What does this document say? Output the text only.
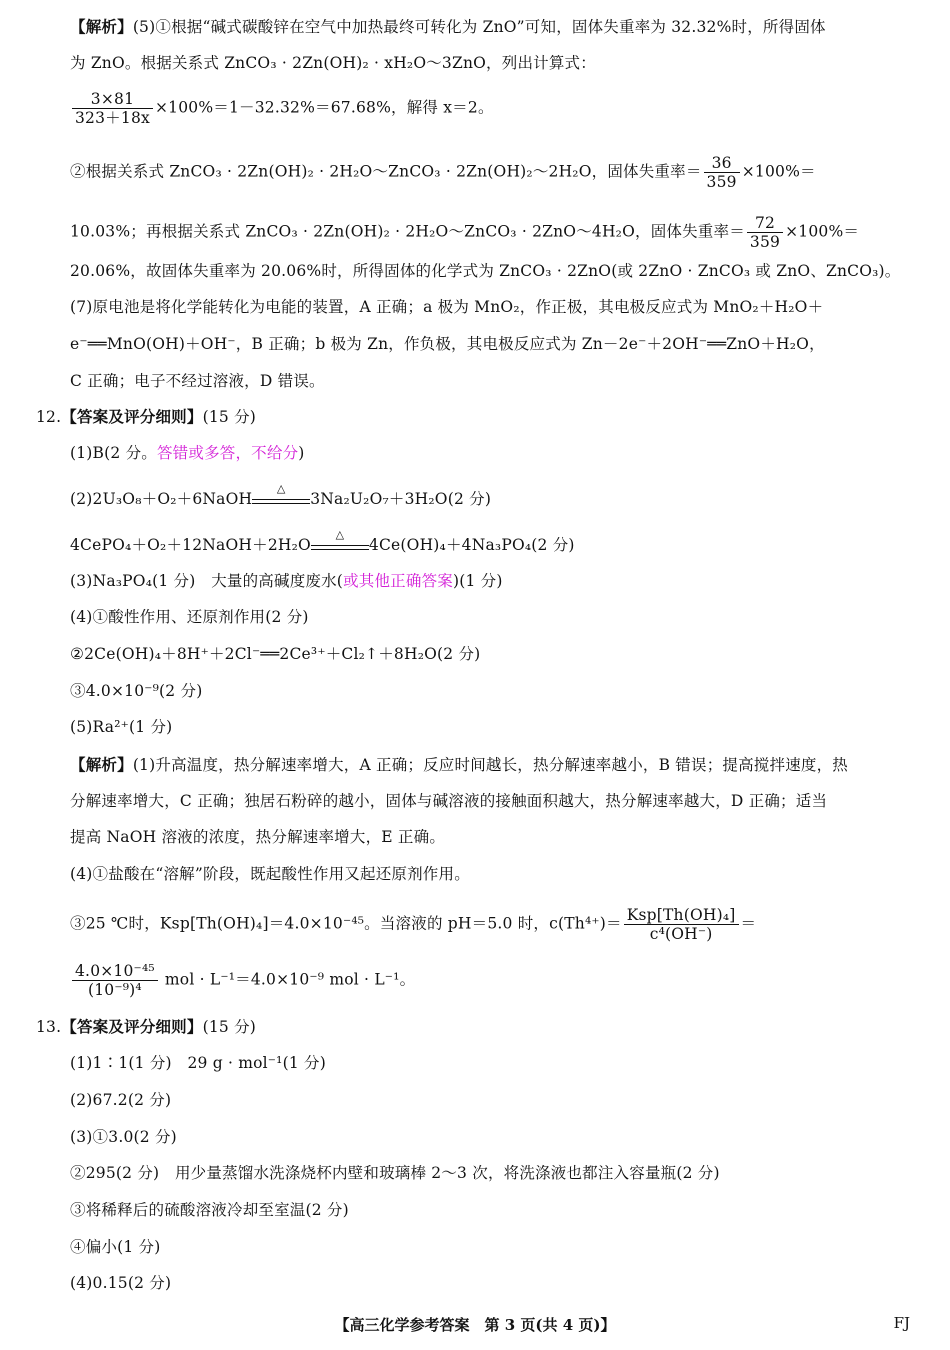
【解析】(5)①根据“碱式碳酸锌在空气中加热最终可转化为 ZnO”可知，固体失重率为 32.32%时，所得固体
为 ZnO。根据关系式 ZnCO₃ · 2Zn(OH)₂ · xH₂O～3ZnO，列出计算式：
$\frac{3\times 81}{323+18x} \times 100\%=1-32.32\%=67.68\%$，解得 x＝2。
②根据关系式 ZnCO₃ · 2Zn(OH)₂ · 2H₂O～ZnCO₃ · 2Zn(OH)₂～2H₂O，固体失重率＝ $\frac{36}{359} \times 100\%=$
10.03%；再根据关系式 ZnCO₃ · 2Zn(OH)₂ · 2H₂O～ZnCO₃ · 2ZnO～4H₂O，固体失重率＝ $\frac{72}{359} \times 100\%=$
20.06%，故固体失重率为 20.06%时，所得固体的化学式为 ZnCO₃ · 2ZnO(或 2ZnO · ZnCO₃ 或 ZnO、ZnCO₃)。
(7)原电池是将化学能转化为电能的装置，A 正确；a 极为 MnO₂，作正极，其电极反应式为 MnO₂＋H₂O＋
e⁻══MnO(OH)＋OH⁻，B 正确；b 极为 Zn，作负极，其电极反应式为 Zn－2e⁻＋2OH⁻══ZnO＋H₂O，
C 正确；电子不经过溶液，D 错误。
12.【答案及评分细则】(15 分)
(1)B(2 分。答错或多答，不给分)
(2)2U₃O₈＋O₂＋6NaOH
△
3Na₂U₂O₇＋3H₂O(2 分)
4CePO₄＋O₂＋12NaOH＋2H₂O
△
4Ce(OH)₄＋4Na₃PO₄(2 分)
(3)Na₃PO₄(1 分)　大量的高碱度废水(或其他正确答案)(1 分)
(4)①酸性作用、还原剂作用(2 分)
②2Ce(OH)₄＋8H⁺＋2Cl⁻══2Ce³⁺＋Cl₂↑＋8H₂O(2 分)
③4.0×10⁻⁹(2 分)
(5)Ra²⁺(1 分)
【解析】(1)升高温度，热分解速率增大，A 正确；反应时间越长，热分解速率越小，B 错误；提高搅拌速度，热
分解速率增大，C 正确；独居石粉碎的越小，固体与碱溶液的接触面积越大，热分解速率越大，D 正确；适当
提高 NaOH 溶液的浓度，热分解速率增大，E 正确。
(4)①盐酸在“溶解”阶段，既起酸性作用又起还原剂作用。
③25 ℃时，Ksp[Th(OH)₄]＝4.0×10⁻⁴⁵。当溶液的 pH＝5.0 时，$c(Th^{4+})= \frac{\text{Ksp[Th(OH)₄]}}{\text{c⁴(OH⁻)}}$ ＝
$\frac{\text{4.0×10⁻⁴⁵}}{\text{(10⁻⁹)⁴}}$ mol · L⁻¹＝4.0×10⁻⁹ mol · L⁻¹。
13.【答案及评分细则】(15 分)
(1)1∶1(1 分)　29 g · mol⁻¹(1 分)
(2)67.2(2 分)
(3)①3.0(2 分)
②295(2 分)　用少量蒸馏水洗涤烧杯内壁和玻璃棒 2～3 次，将洗涤液也都注入容量瓶(2 分)
③将稀释后的硫酸溶液冷却至室温(2 分)
④偏小(1 分)
(4)0.15(2 分)
【高三化学参考答案　第 3 页(共 4 页)】	FJ
